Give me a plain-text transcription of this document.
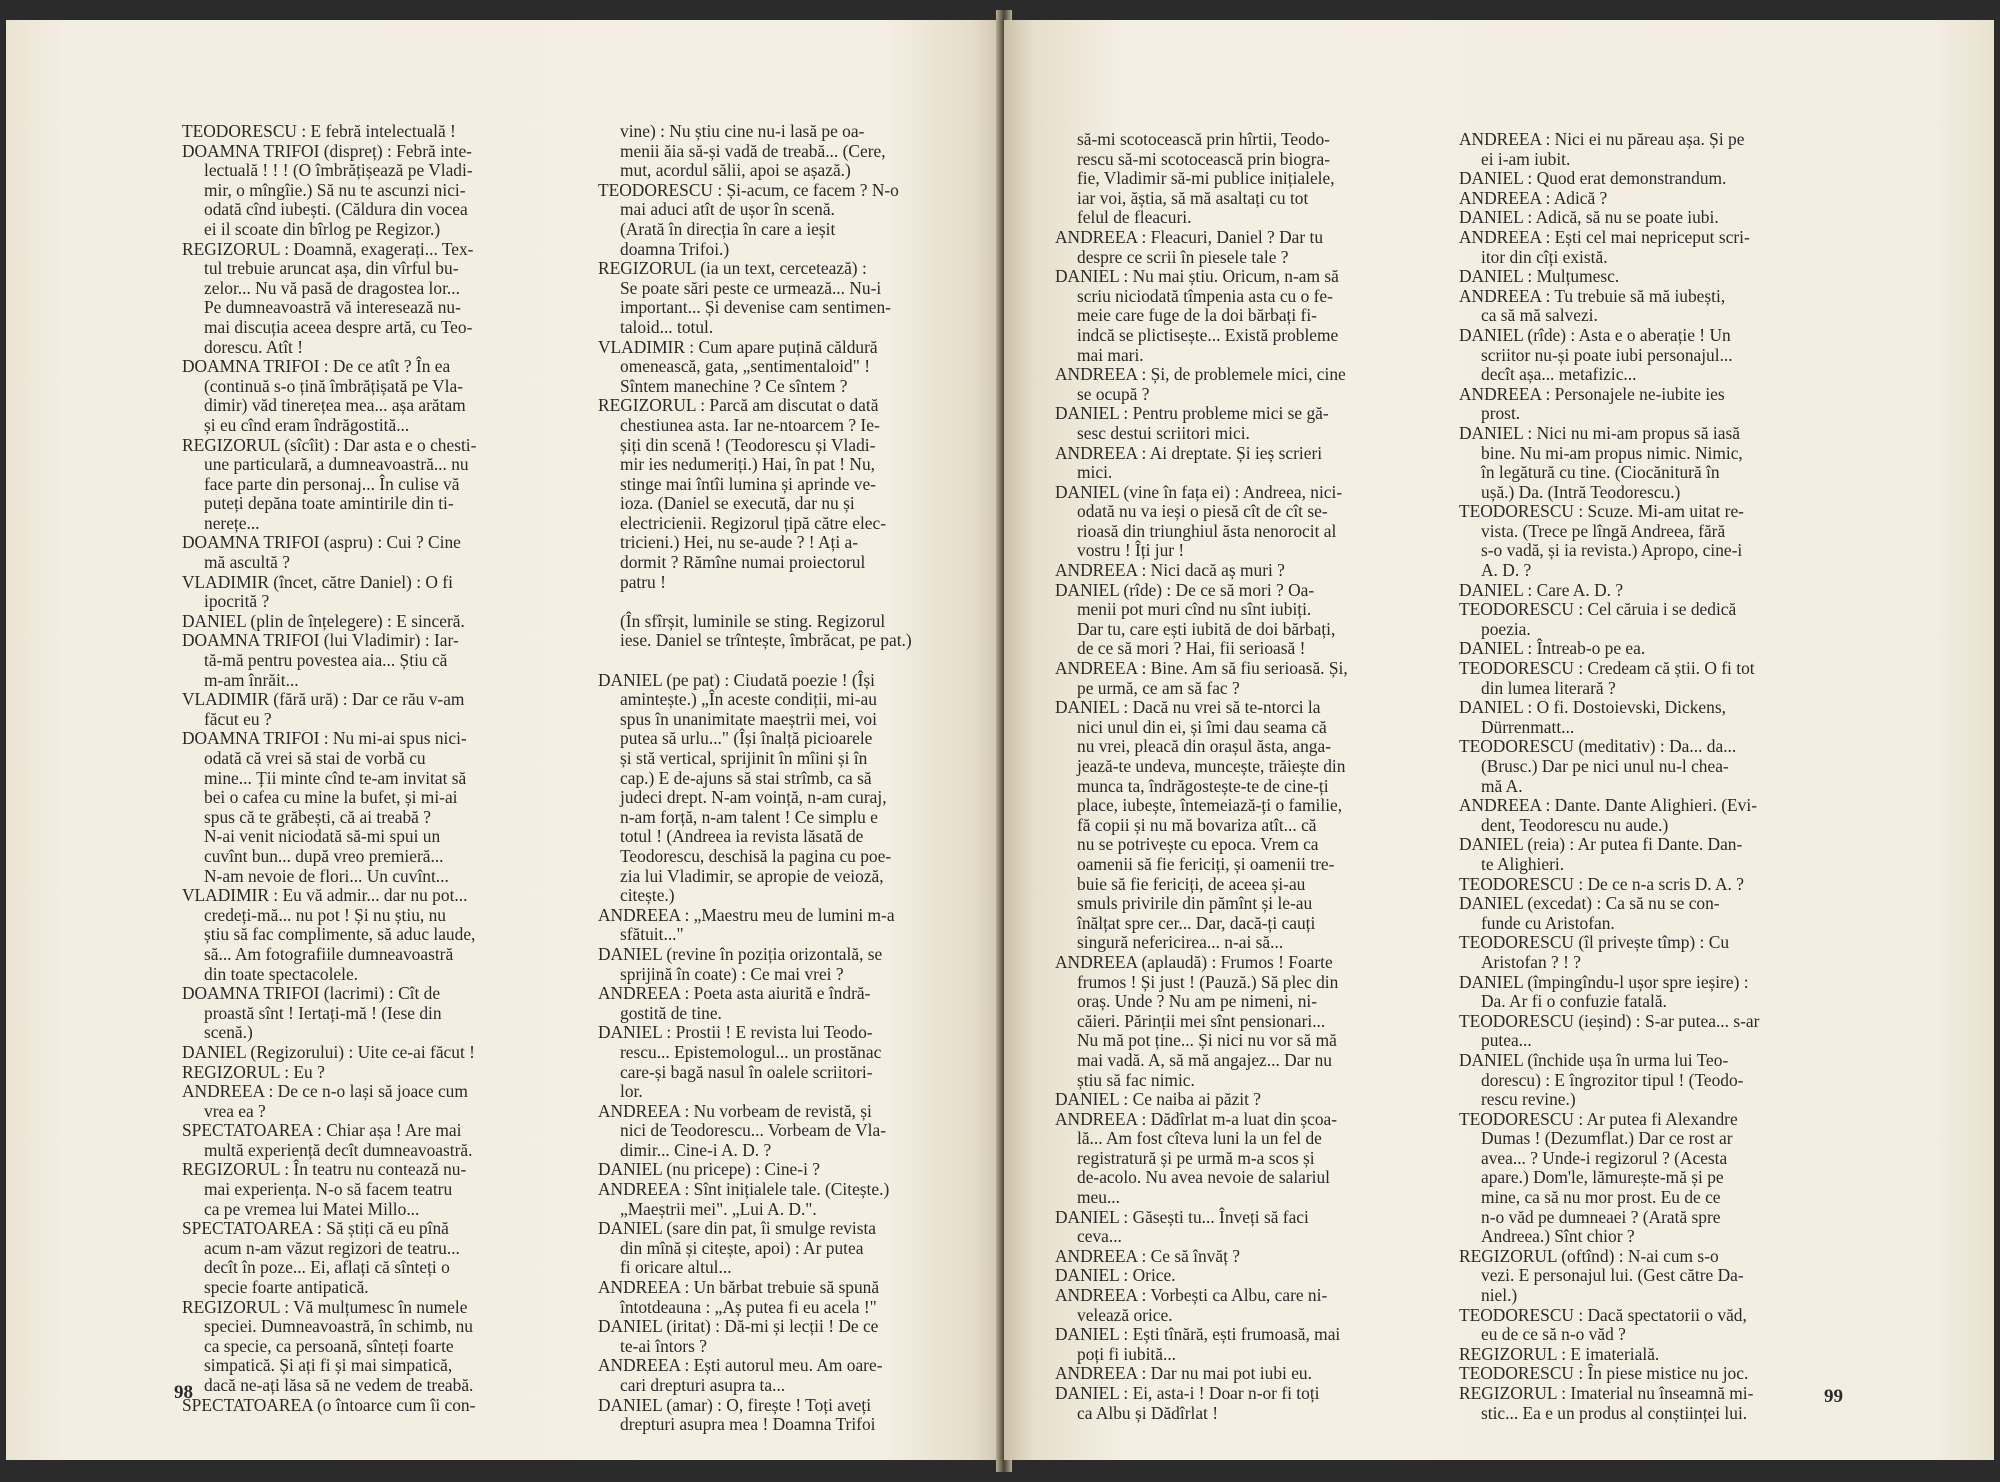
TEODORESCU : E febră intelectuală !
DOAMNA TRIFOI (dispreț) : Febră inte-
lectuală ! ! ! (O îmbrățișează pe Vladi-
mir, o mîngîie.) Să nu te ascunzi nici-
odată cînd iubești. (Căldura din vocea
ei il scoate din bîrlog pe Regizor.)
REGIZORUL : Doamnă, exagerați... Tex-
tul trebuie aruncat așa, din vîrful bu-
zelor... Nu vă pasă de dragostea lor...
Pe dumneavoastră vă interesează nu-
mai discuția aceea despre artă, cu Teo-
dorescu. Atît !
DOAMNA TRIFOI : De ce atît ? În ea
(continuă s-o țină îmbrățișată pe Vla-
dimir) văd tinerețea mea... așa arătam
și eu cînd eram îndrăgostită...
REGIZORUL (sîcîit) : Dar asta e o chesti-
une particulară, a dumneavoastră... nu
face parte din personaj... În culise vă
puteți depăna toate amintirile din ti-
nerețe...
DOAMNA TRIFOI (aspru) : Cui ? Cine
mă ascultă ?
VLADIMIR (încet, către Daniel) : O fi
ipocrită ?
DANIEL (plin de înțelegere) : E sinceră.
DOAMNA TRIFOI (lui Vladimir) : Iar-
tă-mă pentru povestea aia... Știu că
m-am înrăit...
VLADIMIR (fără ură) : Dar ce rău v-am
făcut eu ?
DOAMNA TRIFOI : Nu mi-ai spus nici-
odată că vrei să stai de vorbă cu
mine... Ții minte cînd te-am invitat să
bei o cafea cu mine la bufet, și mi-ai
spus că te grăbești, că ai treabă ?
N-ai venit niciodată să-mi spui un
cuvînt bun... după vreo premieră...
N-am nevoie de flori... Un cuvînt...
VLADIMIR : Eu vă admir... dar nu pot...
credeți-mă... nu pot ! Și nu știu, nu
știu să fac complimente, să aduc laude,
să... Am fotografiile dumneavoastră
din toate spectacolele.
DOAMNA TRIFOI (lacrimi) : Cît de
proastă sînt ! Iertați-mă ! (Iese din
scenă.)
DANIEL (Regizorului) : Uite ce-ai făcut !
REGIZORUL : Eu ?
ANDREEA : De ce n-o lași să joace cum
vrea ea ?
SPECTATOAREA : Chiar așa ! Are mai
multă experiență decît dumneavoastră.
REGIZORUL : În teatru nu contează nu-
mai experiența. N-o să facem teatru
ca pe vremea lui Matei Millo...
SPECTATOAREA : Să știți că eu pînă
acum n-am văzut regizori de teatru...
decît în poze... Ei, aflați că sînteți o
specie foarte antipatică.
REGIZORUL : Vă mulțumesc în numele
speciei. Dumneavoastră, în schimb, nu
ca specie, ca persoană, sînteți foarte
simpatică. Și ați fi și mai simpatică,
dacă ne-ați lăsa să ne vedem de treabă.
SPECTATOAREA (o întoarce cum îi con-
vine) : Nu știu cine nu-i lasă pe oa-
menii ăia să-și vadă de treabă... (Cere,
mut, acordul sălii, apoi se așază.)
TEODORESCU : Și-acum, ce facem ? N-o
mai aduci atît de ușor în scenă.
(Arată în direcția în care a ieșit
doamna Trifoi.)
REGIZORUL (ia un text, cercetează) :
Se poate sări peste ce urmează... Nu-i
important... Și devenise cam sentimen-
taloid... totul.
VLADIMIR : Cum apare puțină căldură
omenească, gata, „sentimentaloid" !
Sîntem manechine ? Ce sîntem ?
REGIZORUL : Parcă am discutat o dată
chestiunea asta. Iar ne-ntoarcem ? Ie-
șiți din scenă ! (Teodorescu și Vladi-
mir ies nedumeriți.) Hai, în pat ! Nu,
stinge mai întîi lumina și aprinde ve-
ioza. (Daniel se execută, dar nu și
electricienii. Regizorul țipă către elec-
tricieni.) Hei, nu se-aude ? ! Ați a-
dormit ? Rămîne numai proiectorul
patru !
(În sfîrșit, luminile se sting. Regizorul
iese. Daniel se trîntește, îmbrăcat, pe pat.)
DANIEL (pe pat) : Ciudată poezie ! (Își
amintește.) „În aceste condiții, mi-au
spus în unanimitate maeștrii mei, voi
putea să urlu..." (Își înalță picioarele
și stă vertical, sprijinit în mîini și în
cap.) E de-ajuns să stai strîmb, ca să
judeci drept. N-am voință, n-am curaj,
n-am forță, n-am talent ! Ce simplu e
totul ! (Andreea ia revista lăsată de
Teodorescu, deschisă la pagina cu poe-
zia lui Vladimir, se apropie de veioză,
citește.)
ANDREEA : „Maestru meu de lumini m-a
sfătuit..."
DANIEL (revine în poziția orizontală, se
sprijină în coate) : Ce mai vrei ?
ANDREEA : Poeta asta aiurită e îndră-
gostită de tine.
DANIEL : Prostii ! E revista lui Teodo-
rescu... Epistemologul... un prostănac
care-și bagă nasul în oalele scriitori-
lor.
ANDREEA : Nu vorbeam de revistă, și
nici de Teodorescu... Vorbeam de Vla-
dimir... Cine-i A. D. ?
DANIEL (nu pricepe) : Cine-i ?
ANDREEA : Sînt inițialele tale. (Citește.)
„Maeștrii mei". „Lui A. D.".
DANIEL (sare din pat, îi smulge revista
din mînă și citește, apoi) : Ar putea
fi oricare altul...
ANDREEA : Un bărbat trebuie să spună
întotdeauna : „Aș putea fi eu acela !"
DANIEL (iritat) : Dă-mi și lecții ! De ce
te-ai întors ?
ANDREEA : Ești autorul meu. Am oare-
cari drepturi asupra ta...
DANIEL (amar) : O, firește ! Toți aveți
drepturi asupra mea ! Doamna Trifoi
98
să-mi scotocească prin hîrtii, Teodo-
rescu să-mi scotocească prin biogra-
fie, Vladimir să-mi publice inițialele,
iar voi, ăștia, să mă asaltați cu tot
felul de fleacuri.
ANDREEA : Fleacuri, Daniel ? Dar tu
despre ce scrii în piesele tale ?
DANIEL : Nu mai știu. Oricum, n-am să
scriu niciodată tîmpenia asta cu o fe-
meie care fuge de la doi bărbați fi-
indcă se plictisește... Există probleme
mai mari.
ANDREEA : Și, de problemele mici, cine
se ocupă ?
DANIEL : Pentru probleme mici se gă-
sesc destui scriitori mici.
ANDREEA : Ai dreptate. Și ieș scrieri
mici.
DANIEL (vine în fața ei) : Andreea, nici-
odată nu va ieși o piesă cît de cît se-
rioasă din triunghiul ăsta nenorocit al
vostru ! Îți jur !
ANDREEA : Nici dacă aș muri ?
DANIEL (rîde) : De ce să mori ? Oa-
menii pot muri cînd nu sînt iubiți.
Dar tu, care ești iubită de doi bărbați,
de ce să mori ? Hai, fii serioasă !
ANDREEA : Bine. Am să fiu serioasă. Și,
pe urmă, ce am să fac ?
DANIEL : Dacă nu vrei să te-ntorci la
nici unul din ei, și îmi dau seama că
nu vrei, pleacă din orașul ăsta, anga-
jează-te undeva, muncește, trăiește din
munca ta, îndrăgostește-te de cine-ți
place, iubește, întemeiază-ți o familie,
fă copii și nu mă bovariza atît... că
nu se potrivește cu epoca. Vrem ca
oamenii să fie fericiți, și oamenii tre-
buie să fie fericiți, de aceea și-au
smuls privirile din pămînt și le-au
înălțat spre cer... Dar, dacă-ți cauți
singură nefericirea... n-ai să...
ANDREEA (aplaudă) : Frumos ! Foarte
frumos ! Și just ! (Pauză.) Să plec din
oraș. Unde ? Nu am pe nimeni, ni-
căieri. Părinții mei sînt pensionari...
Nu mă pot ține... Și nici nu vor să mă
mai vadă. A, să mă angajez... Dar nu
știu să fac nimic.
DANIEL : Ce naiba ai păzit ?
ANDREEA : Dădîrlat m-a luat din școa-
lă... Am fost cîteva luni la un fel de
registratură și pe urmă m-a scos și
de-acolo. Nu avea nevoie de salariul
meu...
DANIEL : Găsești tu... Înveți să faci
ceva...
ANDREEA : Ce să învăț ?
DANIEL : Orice.
ANDREEA : Vorbești ca Albu, care ni-
velează orice.
DANIEL : Ești tînără, ești frumoasă, mai
poți fi iubită...
ANDREEA : Dar nu mai pot iubi eu.
DANIEL : Ei, asta-i ! Doar n-or fi toți
ca Albu și Dădîrlat !
ANDREEA : Nici ei nu păreau așa. Și pe
ei i-am iubit.
DANIEL : Quod erat demonstrandum.
ANDREEA : Adică ?
DANIEL : Adică, să nu se poate iubi.
ANDREEA : Ești cel mai nepriceput scri-
itor din cîți există.
DANIEL : Mulțumesc.
ANDREEA : Tu trebuie să mă iubești,
ca să mă salvezi.
DANIEL (rîde) : Asta e o aberație ! Un
scriitor nu-și poate iubi personajul...
decît așa... metafizic...
ANDREEA : Personajele ne-iubite ies
prost.
DANIEL : Nici nu mi-am propus să iasă
bine. Nu mi-am propus nimic. Nimic,
în legătură cu tine. (Ciocănitură în
ușă.) Da. (Intră Teodorescu.)
TEODORESCU : Scuze. Mi-am uitat re-
vista. (Trece pe lîngă Andreea, fără
s-o vadă, și ia revista.) Apropo, cine-i
A. D. ?
DANIEL : Care A. D. ?
TEODORESCU : Cel căruia i se dedică
poezia.
DANIEL : Întreab-o pe ea.
TEODORESCU : Credeam că știi. O fi tot
din lumea literară ?
DANIEL : O fi. Dostoievski, Dickens,
Dürrenmatt...
TEODORESCU (meditativ) : Da... da...
(Brusc.) Dar pe nici unul nu-l chea-
mă A.
ANDREEA : Dante. Dante Alighieri. (Evi-
dent, Teodorescu nu aude.)
DANIEL (reia) : Ar putea fi Dante. Dan-
te Alighieri.
TEODORESCU : De ce n-a scris D. A. ?
DANIEL (excedat) : Ca să nu se con-
funde cu Aristofan.
TEODORESCU (îl privește tîmp) : Cu
Aristofan ? ! ?
DANIEL (împingîndu-l ușor spre ieșire) :
Da. Ar fi o confuzie fatală.
TEODORESCU (ieșind) : S-ar putea... s-ar
putea...
DANIEL (închide ușa în urma lui Teo-
dorescu) : E îngrozitor tipul ! (Teodo-
rescu revine.)
TEODORESCU : Ar putea fi Alexandre
Dumas ! (Dezumflat.) Dar ce rost ar
avea... ? Unde-i regizorul ? (Acesta
apare.) Dom'le, lămurește-mă și pe
mine, ca să nu mor prost. Eu de ce
n-o văd pe dumneaei ? (Arată spre
Andreea.) Sînt chior ?
REGIZORUL (oftînd) : N-ai cum s-o
vezi. E personajul lui. (Gest către Da-
niel.)
TEODORESCU : Dacă spectatorii o văd,
eu de ce să n-o văd ?
REGIZORUL : E imaterială.
TEODORESCU : În piese mistice nu joc.
REGIZORUL : Imaterial nu înseamnă mi-
stic... Ea e un produs al conștiinței lui.
99
